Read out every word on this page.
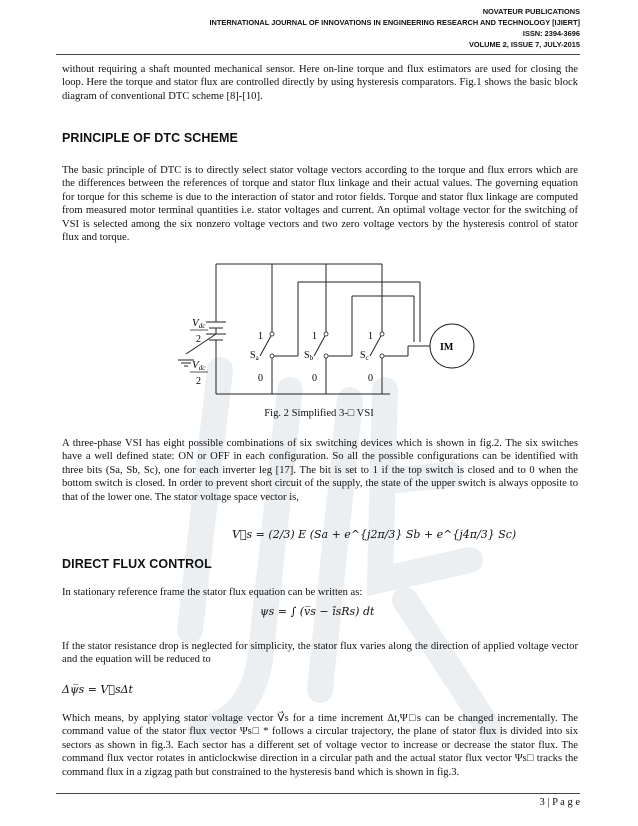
NOVATEUR PUBLICATIONS
INTERNATIONAL JOURNAL OF INNOVATIONS IN ENGINEERING RESEARCH AND TECHNOLOGY [IJIERT]
ISSN: 2394-3696
VOLUME 2, ISSUE 7, JULY-2015
without requiring a shaft mounted mechanical sensor. Here on-line torque and flux estimators are used for closing the loop. Here the torque and stator flux are controlled directly by using hysteresis comparators. Fig.1 shows the basic block diagram of conventional DTC scheme [8]-[10].
PRINCIPLE OF DTC SCHEME
The basic principle of DTC is to directly select stator voltage vectors according to the torque and flux errors which are the differences between the references of torque and stator flux linkage and their actual values. The governing equation for torque for this scheme is due to the interaction of stator and rotor fields. Torque and stator flux linkage are computed from measured motor terminal quantities i.e. stator voltages and current. An optimal voltage vector for the switching of VSI is selected among the six nonzero voltage vectors and two zero voltage vectors by the hysteresis control of stator flux and torque.
Vdc
2
Vdc
2
1	1	1
0	0	0
$S_a$	$S_b$	$S_c$
IM
Fig. 2 Simplified 3-□ VSI
A three-phase VSI has eight possible combinations of six switching devices which is shown in fig.2. The six switches have a well defined state: ON or OFF in each configuration. So all the possible configurations can be identified with three bits (Sa, Sb, Sc), one for each inverter leg [17]. The bit is set to 1 if the top switch is closed and to 0 when the bottom switch is closed. In order to prevent short circuit of the supply, the state of the upper switch is always opposite to that of the lower one. The stator voltage space vector is,
V⃗s = (2/3) E (Sa + e^{j2π/3} Sb + e^{j4π/3} Sc)
DIRECT FLUX CONTROL
In stationary reference frame the stator flux equation can be written as:
ψs = ∫ (v̅s − īsRs) dt
If the stator resistance drop is neglected for simplicity, the stator flux varies along the direction of applied voltage vector and the equation will be reduced to
Δψ̅s = V⃗sΔt
Which means, by applying stator voltage vector V⃗s for a time increment Δt,Ψ□s can be changed incrementally. The command value of the stator flux vector Ψs□ * follows a circular trajectory, the plane of stator flux is divided into six sectors as shown in fig.3. Each sector has a different set of voltage vector to increase or decrease the stator flux. The command flux vector rotates in anticlockwise direction in a circular path and the actual stator flux vector Ψs□ tracks the command flux in a zigzag path but constrained to the hysteresis band which is shown in fig.3.
3 | P a g e
